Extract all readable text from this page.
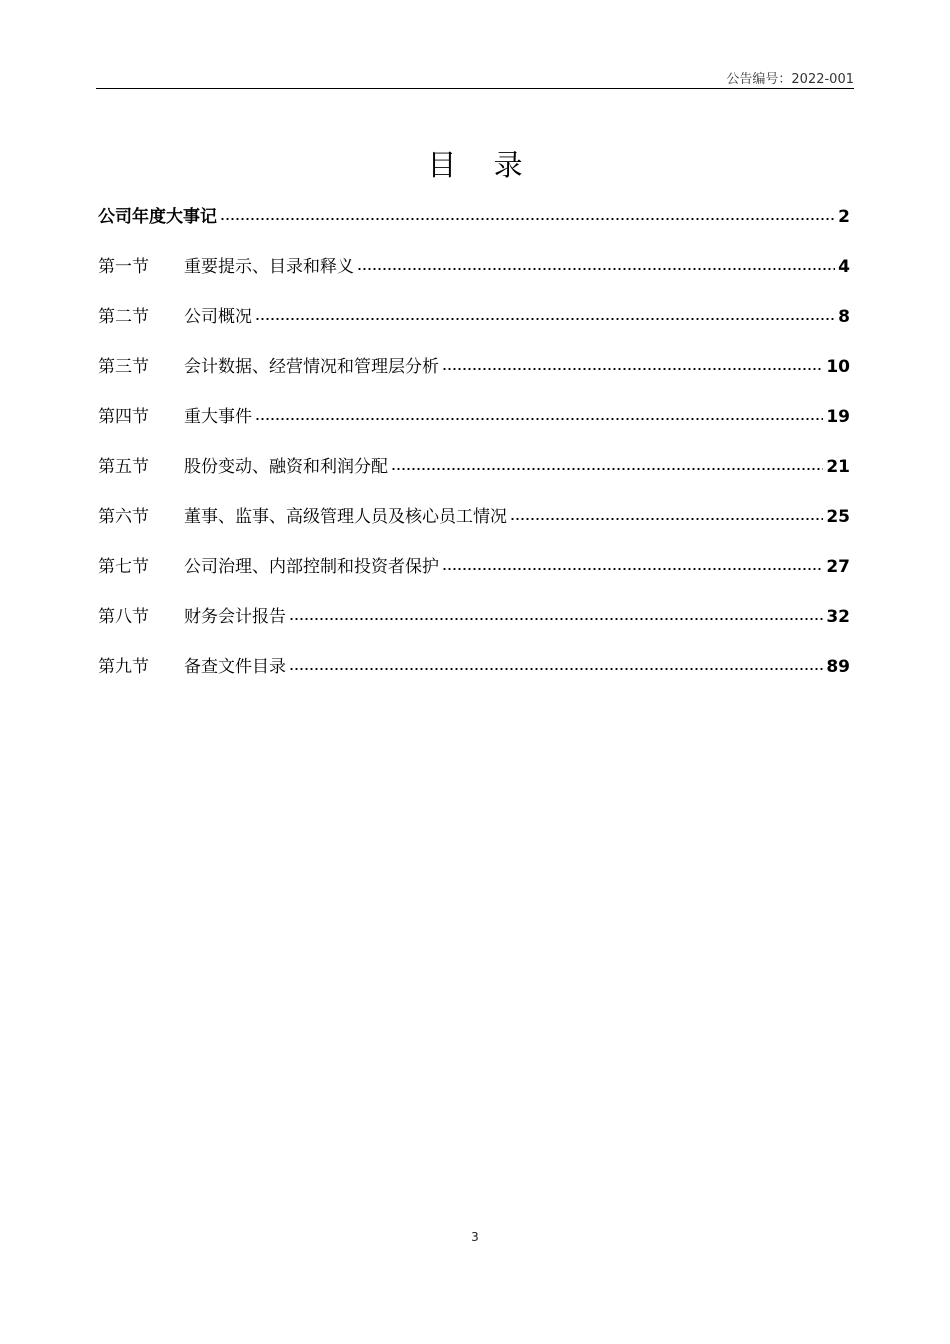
公告编号：2022-001
目 录
公司年度大事记	2
第一节	重要提示、目录和释义	4
第二节	公司概况	8
第三节	会计数据、经营情况和管理层分析	10
第四节	重大事件	19
第五节	股份变动、融资和利润分配	21
第六节	董事、监事、高级管理人员及核心员工情况	25
第七节	公司治理、内部控制和投资者保护	27
第八节	财务会计报告	32
第九节	备查文件目录	89
3
